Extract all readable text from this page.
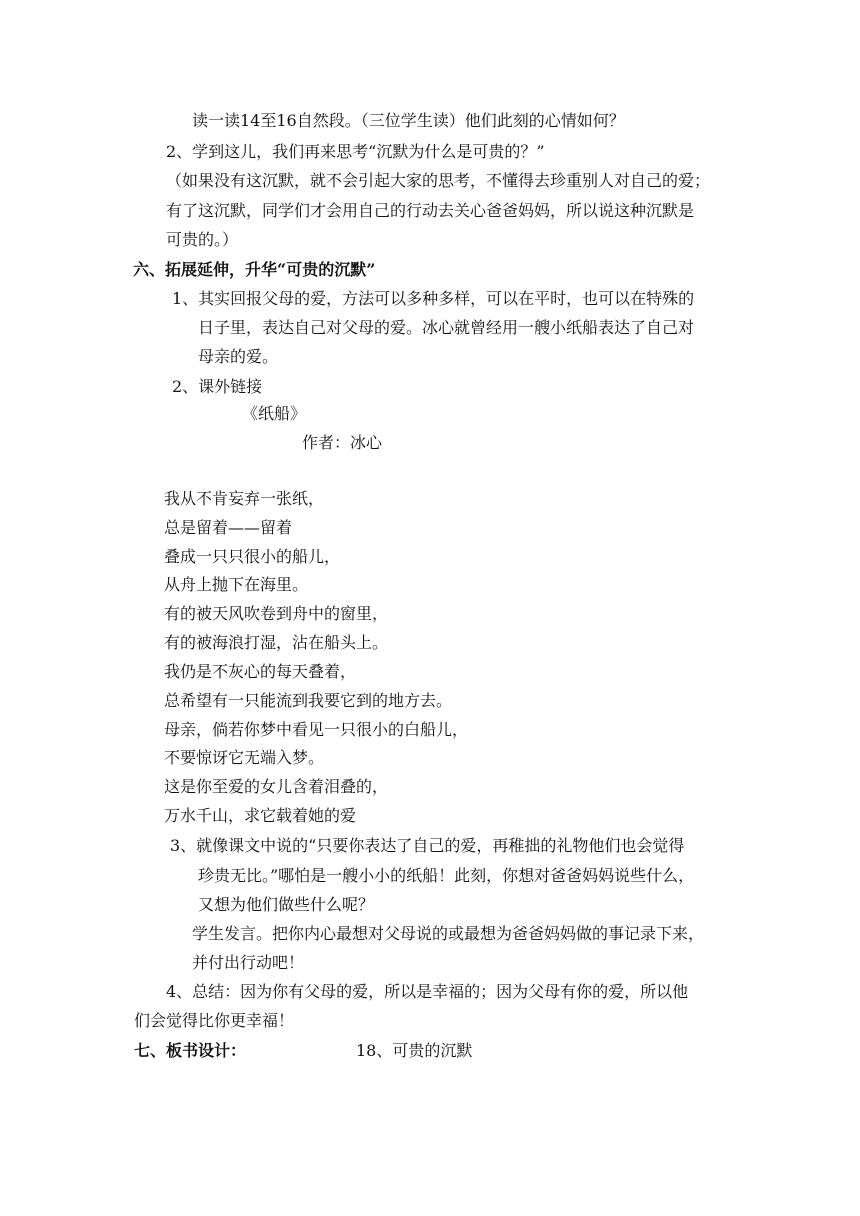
读一读14至16自然段。（三位学生读）他们此刻的心情如何？
2、学到这儿，我们再来思考“沉默为什么是可贵的？”
（如果没有这沉默，就不会引起大家的思考，不懂得去珍重别人对自己的爱；
有了这沉默，同学们才会用自己的行动去关心爸爸妈妈，所以说这种沉默是
可贵的。）
六、拓展延伸，升华“可贵的沉默”
1、其实回报父母的爱，方法可以多种多样，可以在平时，也可以在特殊的
日子里，表达自己对父母的爱。冰心就曾经用一艘小纸船表达了自己对
母亲的爱。
2、课外链接
《纸船》
作者：冰心
我从不肯妄弃一张纸，
总是留着——留着
叠成一只只很小的船儿，
从舟上抛下在海里。
有的被天风吹卷到舟中的窗里，
有的被海浪打湿，沾在船头上。
我仍是不灰心的每天叠着，
总希望有一只能流到我要它到的地方去。
母亲，倘若你梦中看见一只很小的白船儿，
不要惊讶它无端入梦。
这是你至爱的女儿含着泪叠的，
万水千山，求它载着她的爱
3、就像课文中说的“只要你表达了自己的爱，再稚拙的礼物他们也会觉得
珍贵无比。”哪怕是一艘小小的纸船！此刻，你想对爸爸妈妈说些什么，
又想为他们做些什么呢？
学生发言。把你内心最想对父母说的或最想为爸爸妈妈做的事记录下来，
并付出行动吧！
4、总结：因为你有父母的爱，所以是幸福的；因为父母有你的爱，所以他
们会觉得比你更幸福！
七、板书设计：	18、可贵的沉默
